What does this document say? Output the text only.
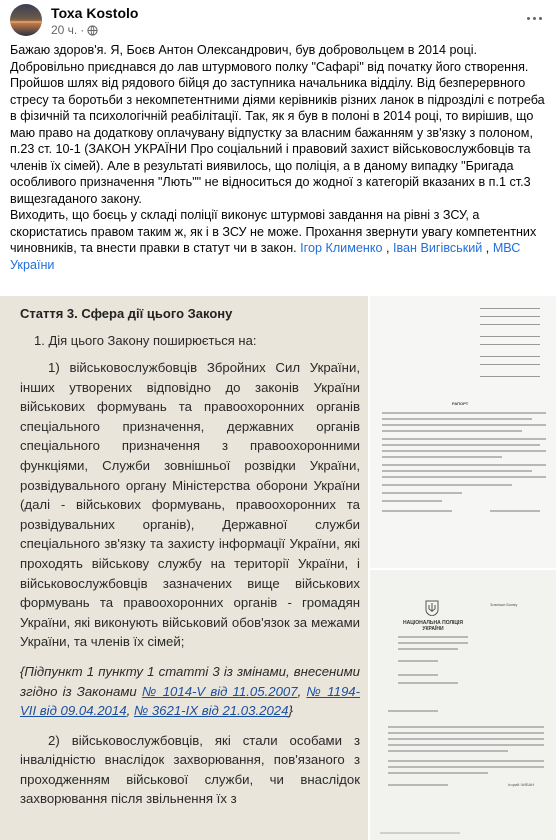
Тоха Kostolo
20 ч. ·

Бажаю здоров'я. Я, Боєв Антон Олександрович, був добровольцем в 2014 році. Добровільно приєднався до лав штурмового полку "Сафарі" від початку його створення. Пройшов шлях від рядового бійця до заступника начальника відділу. Від безперервного стресу та боротьби з некомпетентними діями керівників різних ланок в підрозділі є потреба в фізичній та психологічній реабілітації. Так, як я був в полоні в 2014 році, то вирішив, що маю право на додаткову оплачувану відпустку за власним бажанням у зв'язку з полоном, п.23 ст. 10-1 (ЗАКОН УКРАЇНИ Про соціальний і правовий захист військовослужбовців та членів їх сімей). Але в результаті виявилось, що поліція, а в даному випадку "Бригада особливого призначення "Лють"" не відноситься до жодної з категорій вказаних в п.1 ст.3 вищезгаданого закону.

Виходить, що боєць у складі поліції виконує штурмові завдання на рівні з ЗСУ, а скористатись правом таким ж, як і в ЗСУ не може. Прохання звернути увагу компетентних чиновників, та внести правки в статут чи в закон. Ігор Клименко , Іван Вигівський , МВС України

Стаття 3. Сфера дії цього Закону
1. Дія цього Закону поширюється на:
1) військовослужбовців Збройних Сил України, інших утворених відповідно до законів України військових формувань та правоохоронних органів спеціального призначення, державних органів спеціального призначення з правоохоронними функціями, Служби зовнішньої розвідки України, розвідувального органу Міністерства оборони України (далі - військових формувань, правоохоронних та розвідувальних органів), Державної служби спеціального зв'язку та захисту інформації України, які проходять військову службу на території України, і військовослужбовців зазначених вище військових формувань та правоохоронних органів - громадян України, які виконують військовий обов'язок за межами України, та членів їх сімей;
{Підпункт 1 пункту 1 статті 3 із змінами, внесеними згідно із Законами № 1014-V від 11.05.2007, № 1194-VII від 09.04.2014, № 3621-IX від 21.03.2024}
2) військовослужбовців, які стали особами з інвалідністю внаслідок захворювання, пов'язаного з проходженням військової служби, чи внаслідок захворювання після звільнення їх з
РАПОРТ
НАЦІОНАЛЬНА ПОЛІЦІЯ УКРАЇНИ
Зовнішн Боєву
Ігорий ЧИБАН
